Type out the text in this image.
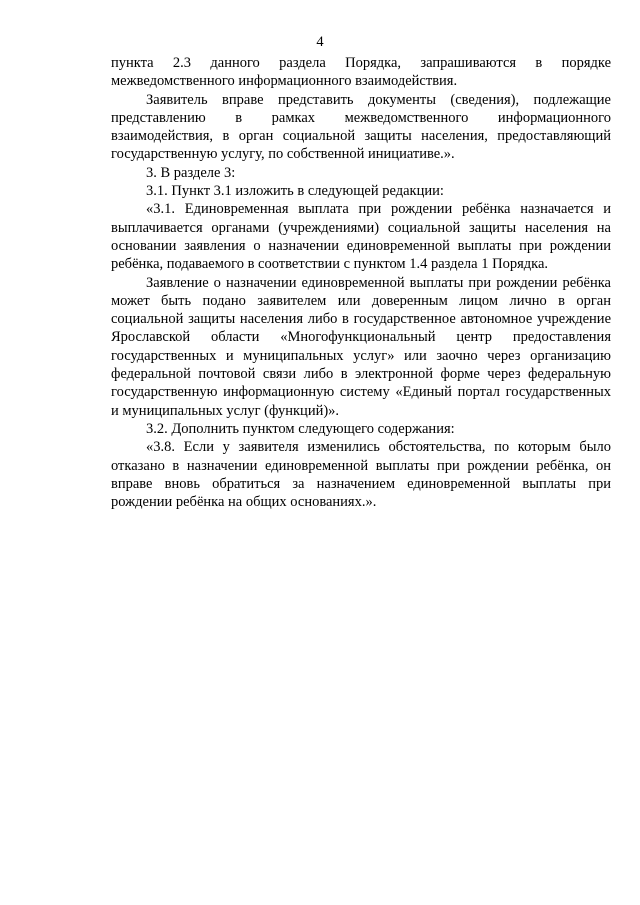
4

пункта 2.3 данного раздела Порядка, запрашиваются в порядке межведомственного информационного взаимодействия.

Заявитель вправе представить документы (сведения), подлежащие представлению в рамках межведомственного информационного взаимодействия, в орган социальной защиты населения, предоставляющий государственную услугу, по собственной инициативе.».

3. В разделе 3:

3.1. Пункт 3.1 изложить в следующей редакции:

«3.1. Единовременная выплата при рождении ребёнка назначается и выплачивается органами (учреждениями) социальной защиты населения на основании заявления о назначении единовременной выплаты при рождении ребёнка, подаваемого в соответствии с пунктом 1.4 раздела 1 Порядка.

Заявление о назначении единовременной выплаты при рождении ребёнка может быть подано заявителем или доверенным лицом лично в орган социальной защиты населения либо в государственное автономное учреждение Ярославской области «Многофункциональный центр предоставления государственных и муниципальных услуг» или заочно через организацию федеральной почтовой связи либо в электронной форме через федеральную государственную информационную систему «Единый портал государственных и муниципальных услуг (функций)».

3.2. Дополнить пунктом следующего содержания:

«3.8. Если у заявителя изменились обстоятельства, по которым было отказано в назначении единовременной выплаты при рождении ребёнка, он вправе вновь обратиться за назначением единовременной выплаты при рождении ребёнка на общих основаниях.».
